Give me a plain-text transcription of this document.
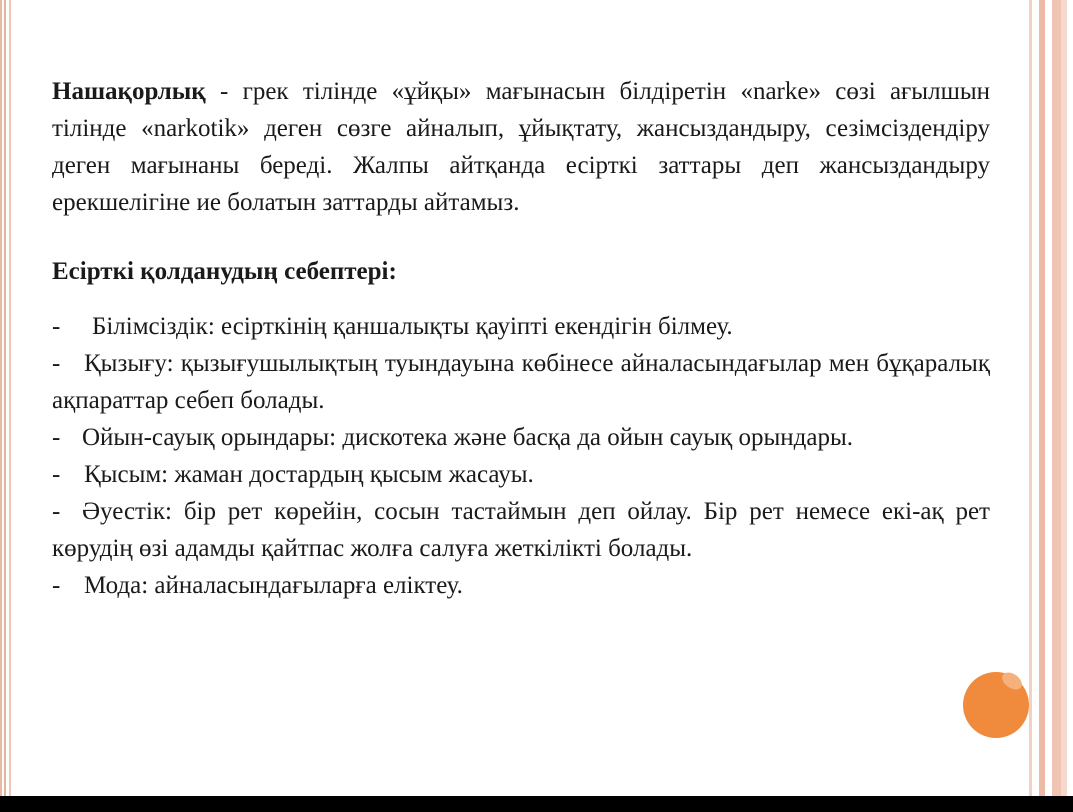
Нашақорлық - грек тілінде «ұйқы» мағынасын білдіретін «narke» сөзі ағылшын тілінде «narkotik» деген сөзге айналып, ұйықтату, жансыздандыру, сезімсіздендіру деген мағынаны береді. Жалпы айтқанда есірткі заттары деп жансыздандыру ерекшелігіне ие болатын заттарды айтамыз.

Есірткі қолданудың себептері:

- Білімсіздік: есірткінің қаншалықты қауіпті екендігін білмеу.

- Қызығу: қызығушылықтың туындауына көбінесе айналасындағылар мен бұқаралық ақпараттар себеп болады.

- Ойын-сауық орындары: дискотека және басқа да ойын сауық орындары.

- Қысым: жаман достардың қысым жасауы.

- Әуестік: бір рет көрейін, сосын тастаймын деп ойлау. Бір рет немесе екі-ақ рет көрудің өзі адамды қайтпас жолға салуға жеткілікті болады.

- Мода: айналасындағыларға еліктеу.
